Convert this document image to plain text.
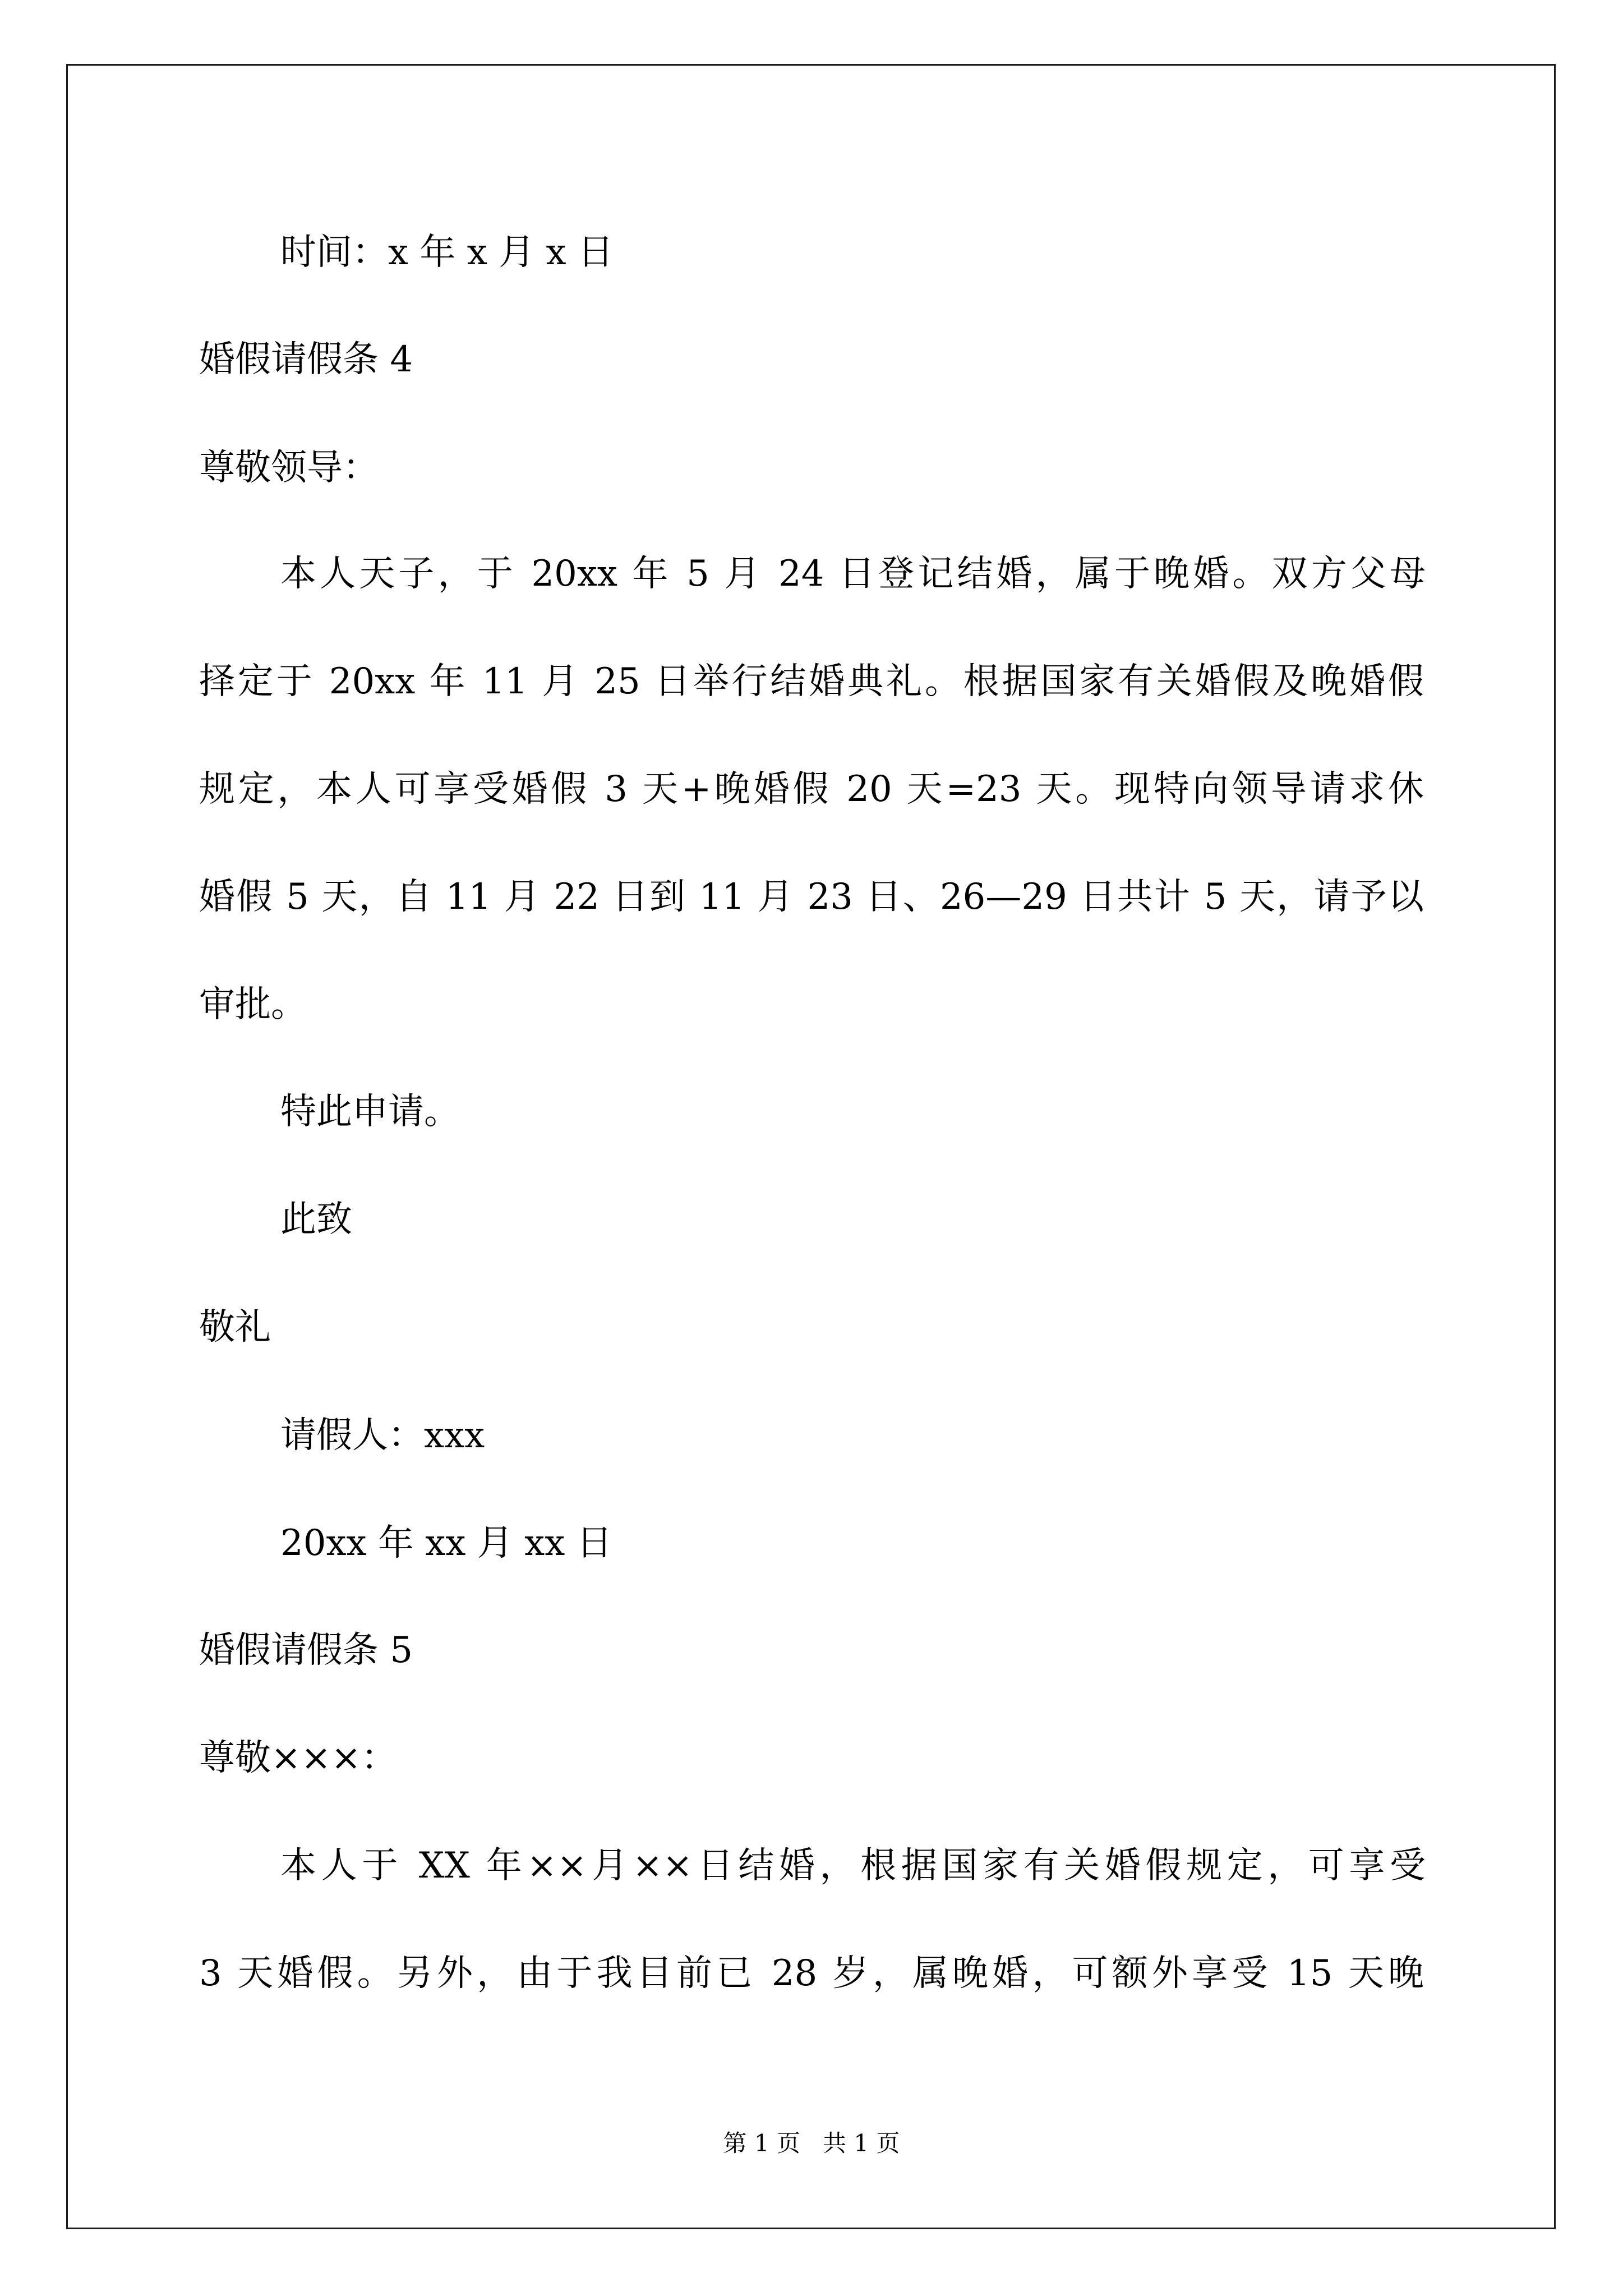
时间：x 年 x 月 x 日
婚假请假条 4
尊敬领导：
本人天子，于 20xx 年 5 月 24 日登记结婚，属于晚婚。双方父母
择定于 20xx 年 11 月 25 日举行结婚典礼。根据国家有关婚假及晚婚假
规定，本人可享受婚假 3 天+晚婚假 20 天=23 天。现特向领导请求休
婚假 5 天，自 11 月 22 日到 11 月 23 日、26—29 日共计 5 天，请予以
审批。
特此申请。
此致
敬礼
请假人：xxx
20xx 年 xx 月 xx 日
婚假请假条 5
尊敬×××：
本人于 XX 年××月××日结婚，根据国家有关婚假规定，可享受
3 天婚假。另外，由于我目前已 28 岁，属晚婚，可额外享受 15 天晚
第 1 页   共 1 页
